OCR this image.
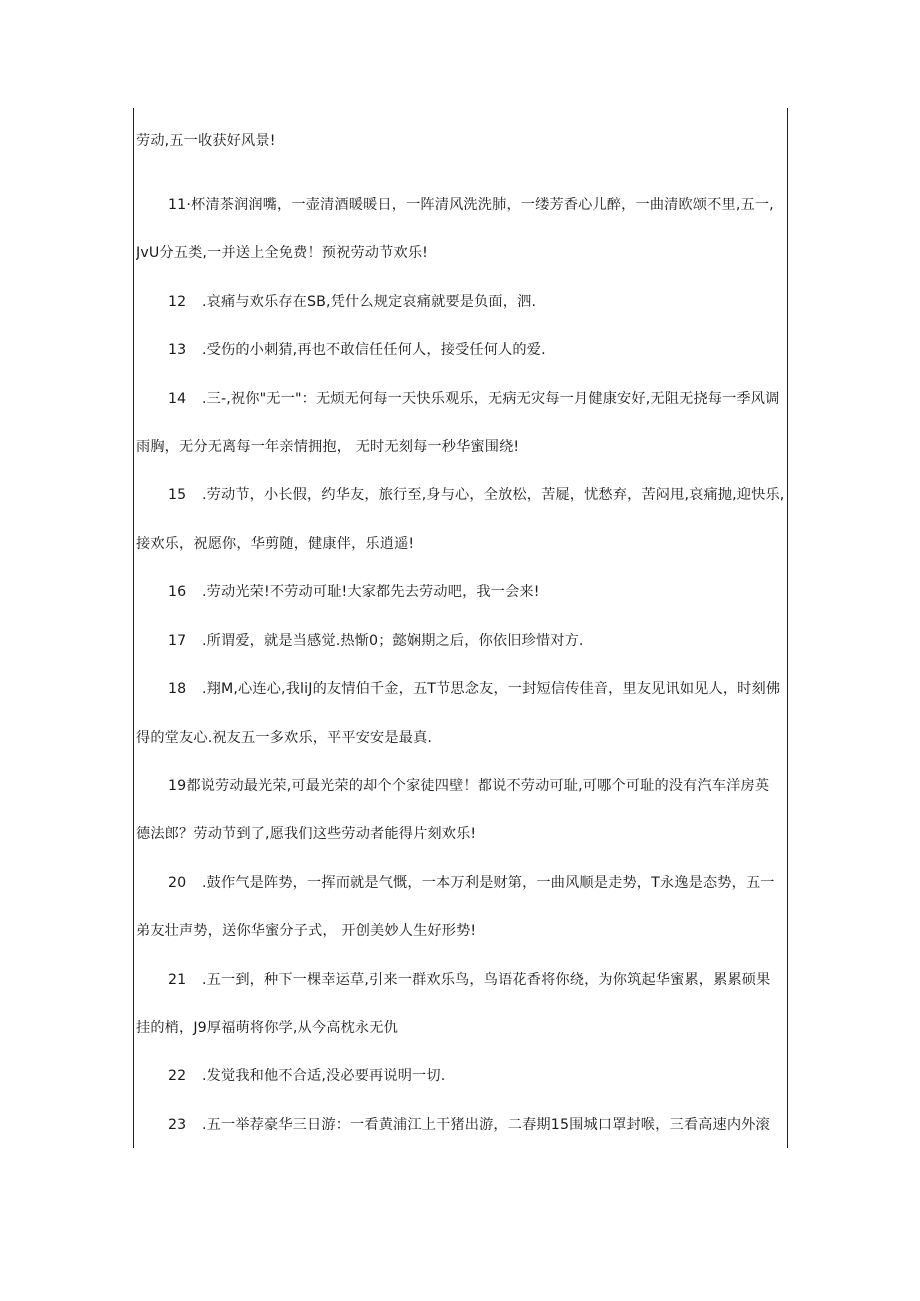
劳动,五一收获好风景!
11·杯清茶润润嘴，一壶清酒暖暖日，一阵清风洗洗肺，一缕芳香心儿醉，一曲清欧颂不里,五一,
JvU分五类,一并送上全免费！预祝劳动节欢乐!
12 .哀痛与欢乐存在SB,凭什么规定哀痛就要是负面，泗.
13 .受伤的小刺猜,再也不敢信任任何人，接受任何人的爱.
14 .三-,祝你"无一"：无烦无何每一天快乐观乐，无病无灾每一月健康安好,无阻无挠每一季风调
雨胸，无分无离每一年亲情拥抱， 无时无刻每一秒华蜜围绕!
15 .劳动节，小长假，约华友，旅行至,身与心，全放松，苦屣，忧愁弃，苦闷甩,哀痛抛,迎快乐,
接欢乐，祝愿你，华剪随，健康伴，乐逍遥!
16 .劳动光荣!不劳动可耻!大家都先去劳动吧，我一会来!
17 .所谓爱，就是当感觉.热惭0；懿娴期之后，你依旧珍惜对方.
18 .翔M,心连心,我liJ的友情伯千金，五T节思念友，一封短信传佳音，里友见讯如见人，时刻佛
得的堂友心.祝友五一多欢乐，平平安安是最真.
19都说劳动最光荣,可最光荣的却个个家徒四壁！都说不劳动可耻,可哪个可耻的没有汽车洋房英
德法郎？劳动节到了,愿我们这些劳动者能得片刻欢乐!
20 .鼓作气是阵势，一挥而就是气慨，一本万利是财第，一曲风顺是走势，T永逸是态势，五一
弟友壮声势，送你华蜜分子式， 开创美妙人生好形势!
21 .五一到，种下一棵幸运草,引来一群欢乐鸟，鸟语花香将你绕，为你筑起华蜜累，累累硕果
挂的梢，J9厚福萌将你学,从今高枕永无仇
22 .发觉我和他不合适,没必要再说明一切.
23 .五一举荐豪华三日游：一看黄浦江上干猪出游，二春期15围城口罩封喉，三看高速内外滚
